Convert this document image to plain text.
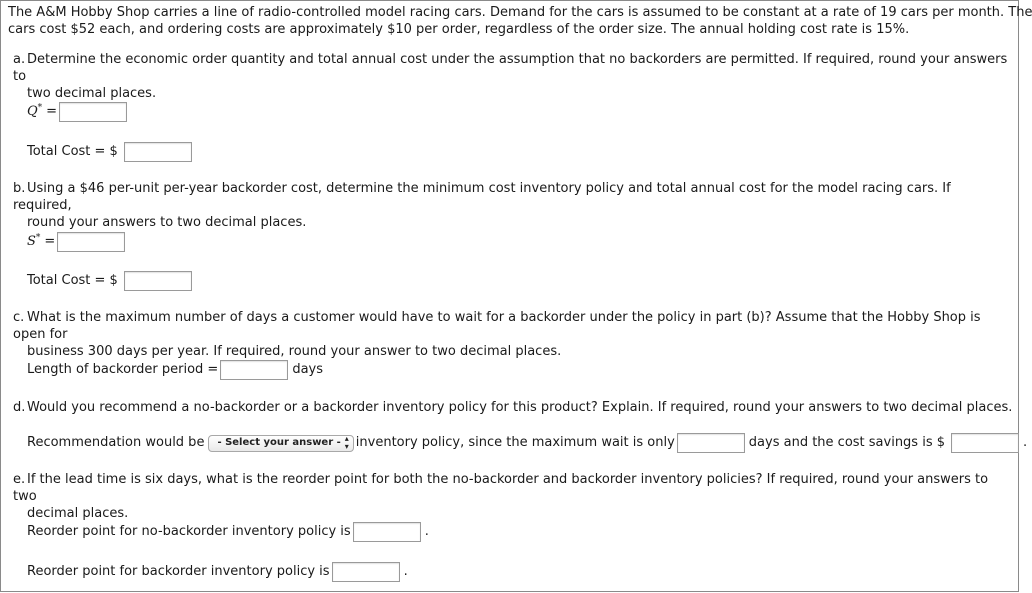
The A&M Hobby Shop carries a line of radio-controlled model racing cars. Demand for the cars is assumed to be constant at a rate of 19 cars per month. The
cars cost $52 each, and ordering costs are approximately $10 per order, regardless of the order size. The annual holding cost rate is 15%.
a. Determine the economic order quantity and total annual cost under the assumption that no backorders are permitted. If required, round your answers to
two decimal places.
Q* =
Total Cost = $
b. Using a $46 per-unit per-year backorder cost, determine the minimum cost inventory policy and total annual cost for the model racing cars. If required,
round your answers to two decimal places.
S* =
Total Cost = $
c. What is the maximum number of days a customer would have to wait for a backorder under the policy in part (b)? Assume that the Hobby Shop is open for
business 300 days per year. If required, round your answer to two decimal places.
Length of backorder period =	days
d. Would you recommend a no-backorder or a backorder inventory policy for this product? Explain. If required, round your answers to two decimal places.
Recommendation would be - Select your answer - ▴
▾ inventory policy, since the maximum wait is only	days and the cost savings is $	.
e. If the lead time is six days, what is the reorder point for both the no-backorder and backorder inventory policies? If required, round your answers to two
decimal places.
Reorder point for no-backorder inventory policy is	.
Reorder point for backorder inventory policy is	.
